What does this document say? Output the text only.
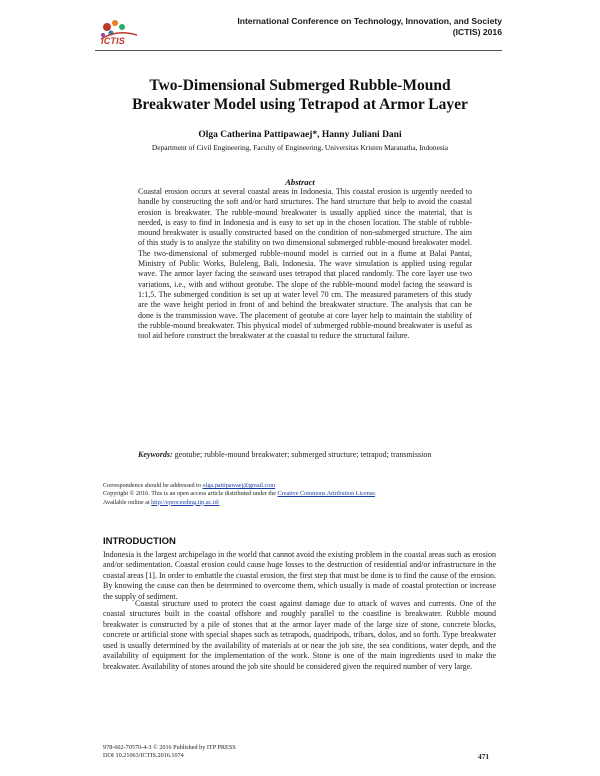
ICTIS
International Conference on Technology, Innovation, and Society
(ICTIS) 2016
Two-Dimensional Submerged Rubble-Mound
Breakwater Model using Tetrapod at Armor Layer
Olga Catherina Pattipawaej*, Hanny Juliani Dani
Department of Civil Engineering, Faculty of Engineering, Universitas Kristen Maranatha, Indonesia
Abstract
Coastal erosion occurs at several coastal areas in Indonesia. This coastal erosion is urgently needed to handle by constructing the soft and/or hard structures. The hard structure that help to avoid the coastal erosion is breakwater. The rubble-mound breakwater is usually applied since the material, that is needed, is easy to find in Indonesia and is easy to set up in the chosen location. The stable of rubble-mound breakwater is usually constructed based on the condition of non-submerged structure. The aim of this study is to analyze the stability on two dimensional submerged rubble-mound breakwater model. The two-dimensional of submerged rubble-mound model is carried out in a flume at Balai Pantai, Ministry of Public Works, Buleleng, Bali, Indonesia. The wave simulation is applied using regular wave. The armor layer facing the seaward uses tetrapod that placed randomly. The core layer use two variations, i.e., with and without geotube. The slope of the rubble-mound model facing the seaward is 1:1,5. The submerged condition is set up at water level 70 cm. The measured parameters of this study are the wave height period in front of and behind the breakwater structure. The analysis that can be done is the transmission wave. The placement of geotube at core layer help to maintain the stability of the rubble-mound breakwater. This physical model of submerged rubble-mound breakwater is useful as tool aid before construct the breakwater at the coastal to reduce the structural failure.
Keywords: geotube; rubble-mound breakwater; submerged structure; tetrapod; transmission
Correspondence should be addressed to olga.pattipawaej@gmail.com
Copyright © 2016. This is an open access article distributed under the Creative Commons Attribution License.
Available online at http://eproceeding.itp.ac.id/
INTRODUCTION
Indonesia is the largest archipelago in the world that cannot avoid the existing problem in the coastal areas such as erosion and/or sedimentation. Coastal erosion could cause huge losses to the destruction of residential and/or infrastructure in the coastal areas [1]. In order to embattle the coastal erosion, the first step that must be done is to find the cause of the erosion. By knowing the cause can then be determined to overcome them, which usually is made of coastal protection or increase the supply of sediment.
Coastal structure used to protect the coast against damage due to attack of waves and currents. One of the coastal structures built in the coastal offshore and roughly parallel to the coastline is breakwater. Rubble mound breakwater is constructed by a pile of stones that at the armor layer made of the large size of stone, concrete blocks, concrete or artificial stone with special shapes such as tetrapods, quadripods, tribars, dolos, and so forth. Type breakwater used is usually determined by the availability of materials at or near the job site, the sea conditions, water depth, and the availability of equipment for the implementation of the work. Stone is one of the main ingredients used to make the breakwater. Availability of stones around the job site should be considered given the required number of very large.
978-602-70570-4-3 © 2016 Published by ITP PRESS
DOI 10.21063/ICTIS.2016.1074	471
